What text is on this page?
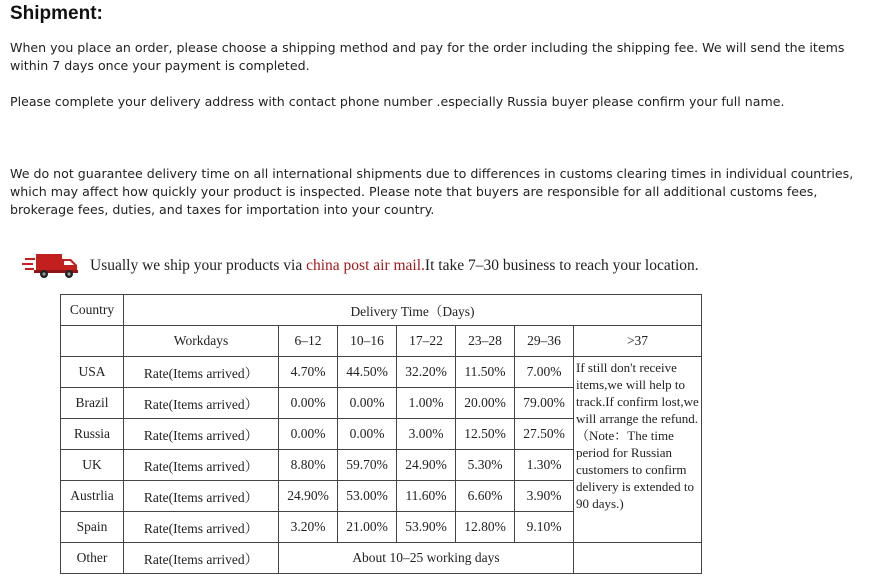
Shipment:

When you place an order, please choose a shipping method and pay for the order including the shipping fee. We will send the items within 7 days once your payment is completed.

Please complete your delivery address with contact phone number .especially Russia buyer please confirm your full name.

We do not guarantee delivery time on all international shipments due to differences in customs clearing times in individual countries, which may affect how quickly your product is inspected. Please note that buyers are responsible for all additional customs fees, brokerage fees, duties, and taxes for importation into your country.

Usually we ship your products via china post air mail.It take 7–30 business to reach your location.
Country	Delivery Time（Days)						
	Workdays	6–12	10–16	17–22	23–28	29–36	>37
USA	Rate(Items arrived）	4.70%	44.50%	32.20%	11.50%	7.00%	If still don't receive items,we will help to track.If confirm lost,we will arrange the refund. （Note：The time period for Russian customers to confirm delivery is extended to 90 days.)
Brazil	Rate(Items arrived）	0.00%	0.00%	1.00%	20.00%	79.00%	
Russia	Rate(Items arrived）	0.00%	0.00%	3.00%	12.50%	27.50%	
UK	Rate(Items arrived）	8.80%	59.70%	24.90%	5.30%	1.30%	
Austrlia	Rate(Items arrived）	24.90%	53.00%	11.60%	6.60%	3.90%	
Spain	Rate(Items arrived）	3.20%	21.00%	53.90%	12.80%	9.10%	
Other	Rate(Items arrived）	About 10–25 working days					
